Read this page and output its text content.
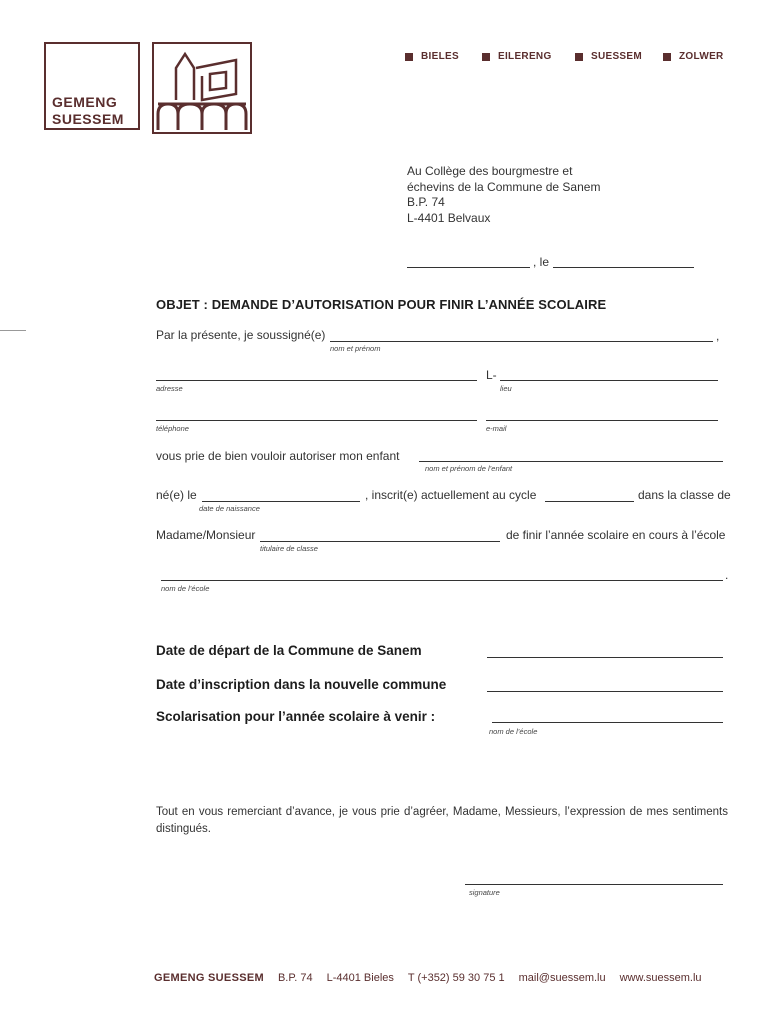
GEMENG
SUESSEM
BIELES	EILERENG	SUESSEM	ZOLWER
Au Collège des bourgmestre et
échevins de la Commune de Sanem
B.P. 74
L-4401 Belvaux
, le
OBJET : DEMANDE D’AUTORISATION POUR FINIR L’ANNÉE SCOLAIRE
Par la présente, je soussigné(e)	,
nom et prénom
L-
adresse	lieu
téléphone	e-mail
vous prie de bien vouloir autoriser mon enfant
nom et prénom de l’enfant
né(e) le	, inscrit(e) actuellement au cycle	dans la classe de
date de naissance
Madame/Monsieur	de finir l’année scolaire en cours à l’école
titulaire de classe
.
nom de l’école
Date de départ de la Commune de Sanem
Date d’inscription dans la nouvelle commune
Scolarisation pour l’année scolaire à venir :
nom de l’école
Tout en vous remerciant d’avance, je vous prie d’agréer, Madame, Messieurs, l’expression de mes sentiments distingués.
signature
GEMENG SUESSEM B.P. 74 L-4401 Bieles T (+352) 59 30 75 1 mail@suessem.lu www.suessem.lu
